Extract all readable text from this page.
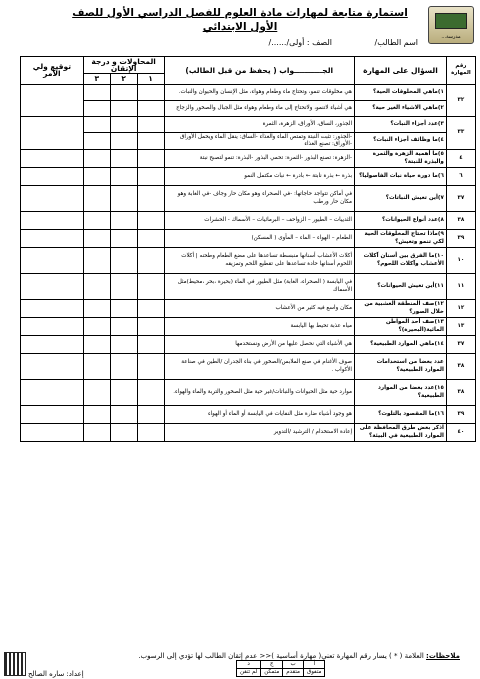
مدرسة...
استمارة متابعة لمهارات مادة العلوم للفصل الدراسي الأول للصف الأول الابتدائي
اسم الطالب/ الصف : أولى/....../
رقم المهارة	السؤال على المهارة	الجـــــــــــواب ( يحفظ من قبل الطالب)	المحاولات و درجة الإتقان			توقيع ولي الأمر
			١	٢	٣	
٣٢	١)ماهي المخلوقات الحية؟	هي مخلوقات تنمو، وتحتاج ماء وطعام وهواء، مثل الإنسان والحيوان والنبات.				
	٢)ماهي الاشياء الغير حية؟	هي أشياء لاتنمو، ولاتحتاج إلى ماء وطعام وهواء مثل الجبال والصخور والزجاج				
٣٣	٣)عدد أجزاء النبات؟	الجذور، الساق، الأوراق، الزهرة، الثمرة				
	٤)ما وظائف أجزاء النبات؟	-الجذور: تثبت النبتة وتمتص الماء والغذاء -الساق: ينقل الماء ويحمل الأوراق -الأوراق: تصنع الغذاء				
٤	٥)ما أهمية الزهرة والثمرة والبذرة للنبتة؟	-الزهرة: تصنع البذور -الثمرة: تحمي البذور -البذرة: تنمو لتصبح نبتة				
٦	٦)ما دورة حياة نبات الفاصوليا؟	بذرة ← بذرة نابتة ← بادرة ← نبات مكتمل النمو				
٣٧	٧)أين تعيش النباتات؟	في أماكن تتواجد حاجاتها: -في الصحراء وهو مكان حار وجاف -في الغابة وهو مكان حار ورطب				
٣٨	٨)عدد أنواع الحيوانات؟	الثدييات – الطيور – الزواحف – البرمائيات – الأسماك - الحشرات				
٣٩	٩)ماذا تحتاج المخلوقات الحية لكي تنمو وتعيش؟	الطعام – الهواء – الماء – المأوى ( المسكن)				
١٠	١٠)ما الفرق بين أسنان آكلات الأعشاب وآكلات اللحوم؟	أكلات الأعشاب أسنانها منبسطة تساعدها على مضغ الطعام وطحنه | أكلات اللحوم أسنانها حادة تساعدها على تقطيع اللحم وتمزيقه				
١١	١١)أين تعيش الحيوانات؟	في اليابسة ( الصحراء، الغابة) مثل الطيور في الماء (بحيرة ،بحر ،محيط)مثل الأسماك				
١٢	١٢)صف المنطقة العشبية من خلال الصور؟	مكان واسع فيه كثير من الأعشاب				
١٣	١٣)صف أحد المواطن المائية(البحيرة)؟	مياه عذبة تحيط بها اليابسة				
٣٧	١٤)ماهي الموارد الطبيعية؟	هي الأشياء التي نحصل عليها من الأرض ونستخدمها				
٣٨	عدد بعضا من استخدامات الموارد الطبيعية؟	صوف الأغنام في صنع الملابس/الصخور في بناء الجدران /الطين في صناعة الأكواب .				
٣٨	١٥)عدد بعضا من الموارد الطبيعية؟	موارد حية مثل الحيوانات والنباتات/غير حية مثل الصخور والتربة والماء والهواء.				
٣٩	١٦)ما المقصود بالتلوث؟	هو وجود أشياء ضارة مثل النفايات في اليابسة أو الماء أو الهواء				
٤٠	اذكر بعض طرق المحافظة على الموارد الطبيعية في البيئة؟	إعادة الاستخدام / الترشيد /التدوير				
ملاحظات: العلامة ( * ) يسار رقم المهارة تعني( مهارة أساسية )<< عدم إتقان الطالب لها تؤدي إلى الرسوب.
أ	ب	ج	د
متفوق	متقدم	متمكن	لم تتقن
إعداد: ساره الصالح
